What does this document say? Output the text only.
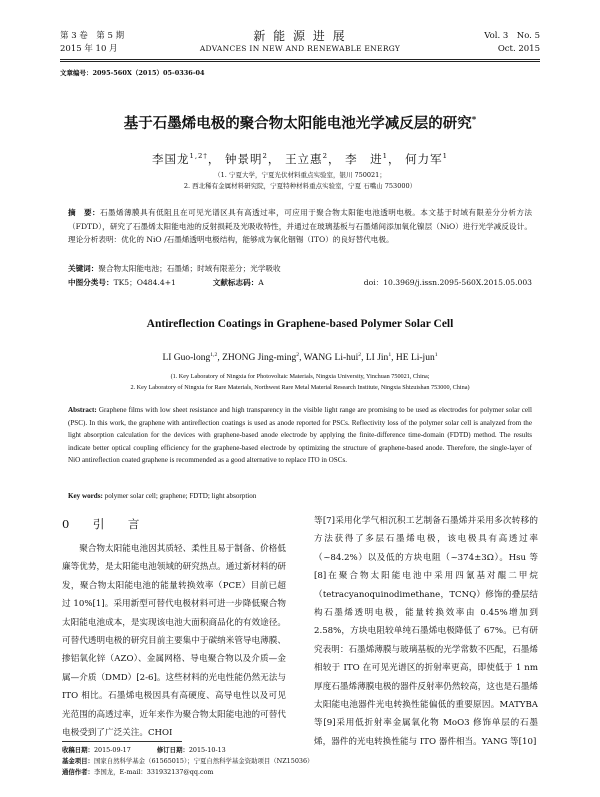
第 3 卷　第 5 期
2015 年 10 月
新 能 源 进 展
ADVANCES IN NEW AND RENEWABLE ENERGY
Vol. 3　No. 5
Oct. 2015
文章编号：2095-560X（2015）05-0336-04
基于石墨烯电极的聚合物太阳能电池光学减反层的研究*
李国龙$^{1,2\dagger}$， 钟景明$^2$， 王立惠$^2$， 李　进$^1$， 何力军$^1$
（1. 宁夏大学，宁夏光伏材料重点实验室，银川 750021；
2. 西北稀有金属材料研究院，宁夏特种材料重点实验室，宁夏 石嘴山 753000）
摘　要：石墨烯薄膜具有低阻且在可见光谱区具有高透过率，可应用于聚合物太阳能电池透明电极。本文基于时域有限差分分析方法（FDTD），研究了石墨烯太阳能电池的反射损耗及光吸收特性，并通过在玻璃基板与石墨烯间添加氧化镍层（NiO）进行光学减反设计。理论分析表明：优化的 NiO /石墨烯透明电极结构，能够成为氧化铟锡（ITO）的良好替代电极。
关键词：聚合物太阳能电池；石墨烯；时域有限差分；光学吸收
中图分类号：TK5；O484.4+1	文献标志码：A	doi：10.3969/j.issn.2095-560X.2015.05.003
Antireflection Coatings in Graphene-based Polymer Solar Cell
LI Guo-long$^{1,2}$, ZHONG Jing-ming$^2$, WANG Li-hui$^2$, LI Jin$^1$, HE Li-jun$^1$
(1. Key Laboratory of Ningxia for Photovoltaic Materials, Ningxia University, Yinchuan 750021, China;
2. Key Laboratory of Ningxia for Rare Materials, Northwest Rare Metal Material Research Institute, Ningxia Shizuishan 753000, China)
Abstract: Graphene films with low sheet resistance and high transparency in the visible light range are promising to be used as electrodes for polymer solar cell (PSC). In this work, the graphene with antireflection coatings is used as anode reported for PSCs. Reflectivity loss of the polymer solar cell is analyzed from the light absorption calculation for the devices with graphene-based anode electrode by applying the finite-difference time-domain (FDTD) method. The results indicate better optical coupling efficiency for the graphene-based electrode by optimizing the structure of graphene-based anode. Therefore, the single-layer of NiO antireflection coated graphene is recommended as a good alternative to replace ITO in OSCs.
Key words: polymer solar cell; graphene; FDTD; light absorption
0　 引　言
聚合物太阳能电池因其质轻、柔性且易于制备、价格低廉等优势，是太阳能电池领域的研究热点。通过新材料的研发，聚合物太阳能电池的能量转换效率（PCE）目前已超过 10%[1]。采用新型可替代电极材料可进一步降低聚合物太阳能电池成本，是实现该电池大面积商品化的有效途径。可替代透明电极的研究目前主要集中于碳纳米管导电薄膜、掺铝氧化锌（AZO）、金属网格、导电聚合物以及介质—金属—介质（DMD）[2-6]。这些材料的光电性能仍然无法与 ITO 相比。石墨烯电极因具有高硬度、高导电性以及可见光范围的高透过率，近年来作为聚合物太阳能电池的可替代电极受到了广泛关注。CHOI
等[7]采用化学气相沉积工艺制备石墨烯并采用多次转移的方法获得了多层石墨烯电极，该电极具有高透过率（~84.2%）以及低的方块电阻（~374±3Ω）。Hsu 等[8]在聚合物太阳能电池中采用四氰基对醌二甲烷（tetracyanoquinodimethane，TCNQ）修饰的叠层结构石墨烯透明电极，能量转换效率由 0.45%增加到 2.58%，方块电阻较单纯石墨烯电极降低了 67%。已有研究表明：石墨烯薄膜与玻璃基板的光学常数不匹配，石墨烯相较于 ITO 在可见光谱区的折射率更高，即使低于 1 nm 厚度石墨烯薄膜电极的器件反射率仍然较高，这也是石墨烯太阳能电池器件光电转换性能偏低的重要原因。MATYBA 等[9]采用低折射率金属氧化物 MoO3 修饰单层的石墨烯，器件的光电转换性能与 ITO 器件相当。YANG 等[10]
收稿日期：2015-09-17	修订日期：2015-10-13
基金项目：国家自然科学基金（61565015）；宁夏自然科学基金资助项目（NZ15036）
通信作者：李国龙，E-mail：331932137@qq.com
